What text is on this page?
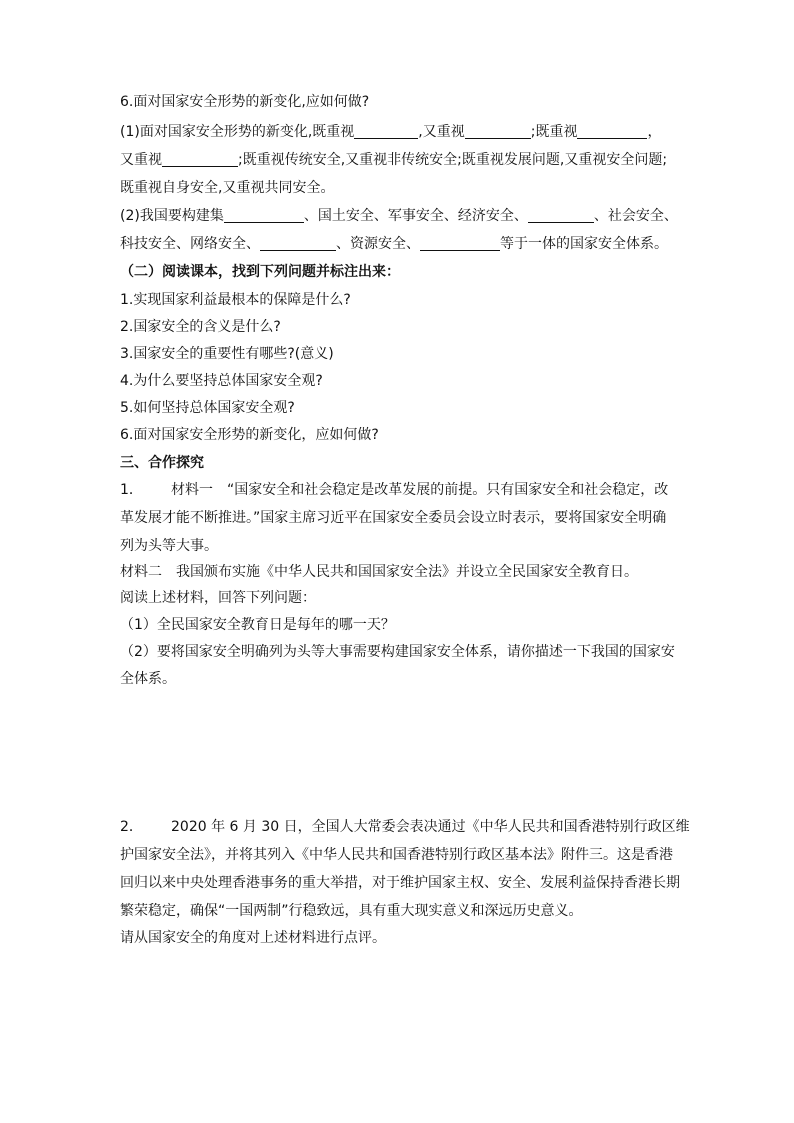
6.面对国家安全形势的新变化,应如何做?
(1)面对国家安全形势的新变化,既重视	,又重视	;既重视	，
又重视	;既重视传统安全,又重视非传统安全;既重视发展问题,又重视安全问题;
既重视自身安全,又重视共同安全。
(2)我国要构建集	、国土安全、军事安全、经济安全、	、社会安全、
科技安全、网络安全、	、资源安全、	等于一体的国家安全体系。
（二）阅读课本，找到下列问题并标注出来：
1.实现国家利益最根本的保障是什么?
2.国家安全的含义是什么?
3.国家安全的重要性有哪些?(意义)
4.为什么要坚持总体国家安全观?
5.如何坚持总体国家安全观?
6.面对国家安全形势的新变化，应如何做?
三、合作探究
1． 材料一　“国家安全和社会稳定是改革发展的前提。只有国家安全和社会稳定，改
革发展才能不断推进。”国家主席习近平在国家安全委员会设立时表示，要将国家安全明确
列为头等大事。
材料二　我国颁布实施《中华人民共和国国家安全法》并设立全民国家安全教育日。
阅读上述材料，回答下列问题：
（1）全民国家安全教育日是每年的哪一天？
（2）要将国家安全明确列为头等大事需要构建国家安全体系，请你描述一下我国的国家安
全体系。
2． 2020 年 6 月 30 日，全国人大常委会表决通过《中华人民共和国香港特别行政区维
护国家安全法》，并将其列入《中华人民共和国香港特别行政区基本法》附件三。这是香港
回归以来中央处理香港事务的重大举措，对于维护国家主权、安全、发展利益保持香港长期
繁荣稳定，确保“一国两制”行稳致远，具有重大现实意义和深远历史意义。
请从国家安全的角度对上述材料进行点评。
